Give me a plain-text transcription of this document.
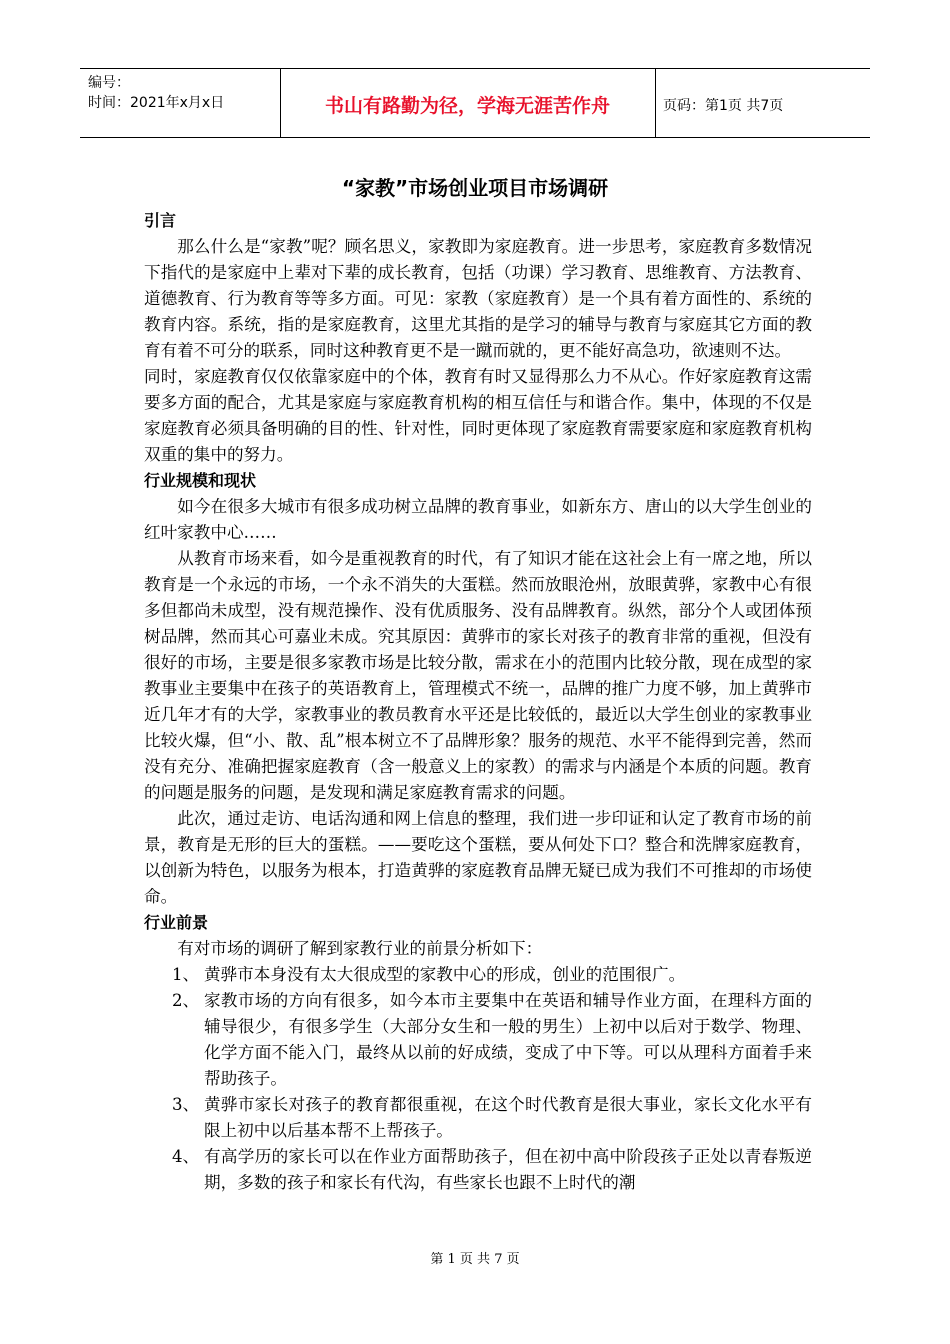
编号：
时间：2021年x月x日	书山有路勤为径，学海无涯苦作舟	页码：第1页 共7页
“家教”市场创业项目市场调研
引言
那么什么是“家教”呢？顾名思义，家教即为家庭教育。进一步思考，家庭教育多数情况下指代的是家庭中上辈对下辈的成长教育，包括（功课）学习教育、思维教育、方法教育、道德教育、行为教育等等多方面。可见：家教（家庭教育）是一个具有着方面性的、系统的教育内容。系统，指的是家庭教育，这里尤其指的是学习的辅导与教育与家庭其它方面的教育有着不可分的联系，同时这种教育更不是一蹴而就的，更不能好高急功，欲速则不达。
同时，家庭教育仅仅依靠家庭中的个体，教育有时又显得那么力不从心。作好家庭教育这需要多方面的配合，尤其是家庭与家庭教育机构的相互信任与和谐合作。集中，体现的不仅是家庭教育必须具备明确的目的性、针对性，同时更体现了家庭教育需要家庭和家庭教育机构双重的集中的努力。
行业规模和现状
如今在很多大城市有很多成功树立品牌的教育事业，如新东方、唐山的以大学生创业的红叶家教中心……
从教育市场来看，如今是重视教育的时代，有了知识才能在这社会上有一席之地，所以教育是一个永远的市场，一个永不消失的大蛋糕。然而放眼沧州，放眼黄骅，家教中心有很多但都尚未成型，没有规范操作、没有优质服务、没有品牌教育。纵然，部分个人或团体预树品牌，然而其心可嘉业未成。究其原因：黄骅市的家长对孩子的教育非常的重视，但没有很好的市场，主要是很多家教市场是比较分散，需求在小的范围内比较分散，现在成型的家教事业主要集中在孩子的英语教育上，管理模式不统一，品牌的推广力度不够，加上黄骅市近几年才有的大学，家教事业的教员教育水平还是比较低的，最近以大学生创业的家教事业比较火爆，但“小、散、乱”根本树立不了品牌形象？服务的规范、水平不能得到完善，然而没有充分、准确把握家庭教育（含一般意义上的家教）的需求与内涵是个本质的问题。教育的问题是服务的问题，是发现和满足家庭教育需求的问题。
此次，通过走访、电话沟通和网上信息的整理，我们进一步印证和认定了教育市场的前景，教育是无形的巨大的蛋糕。——要吃这个蛋糕，要从何处下口？整合和洗牌家庭教育，以创新为特色，以服务为根本，打造黄骅的家庭教育品牌无疑已成为我们不可推却的市场使命。
行业前景
有对市场的调研了解到家教行业的前景分析如下：
1、 黄骅市本身没有太大很成型的家教中心的形成，创业的范围很广。
2、 家教市场的方向有很多，如今本市主要集中在英语和辅导作业方面，在理科方面的辅导很少，有很多学生（大部分女生和一般的男生）上初中以后对于数学、物理、化学方面不能入门，最终从以前的好成绩，变成了中下等。可以从理科方面着手来帮助孩子。
3、 黄骅市家长对孩子的教育都很重视，在这个时代教育是很大事业，家长文化水平有限上初中以后基本帮不上帮孩子。
4、 有高学历的家长可以在作业方面帮助孩子，但在初中高中阶段孩子正处以青春叛逆期，多数的孩子和家长有代沟，有些家长也跟不上时代的潮
第 1 页 共 7 页
